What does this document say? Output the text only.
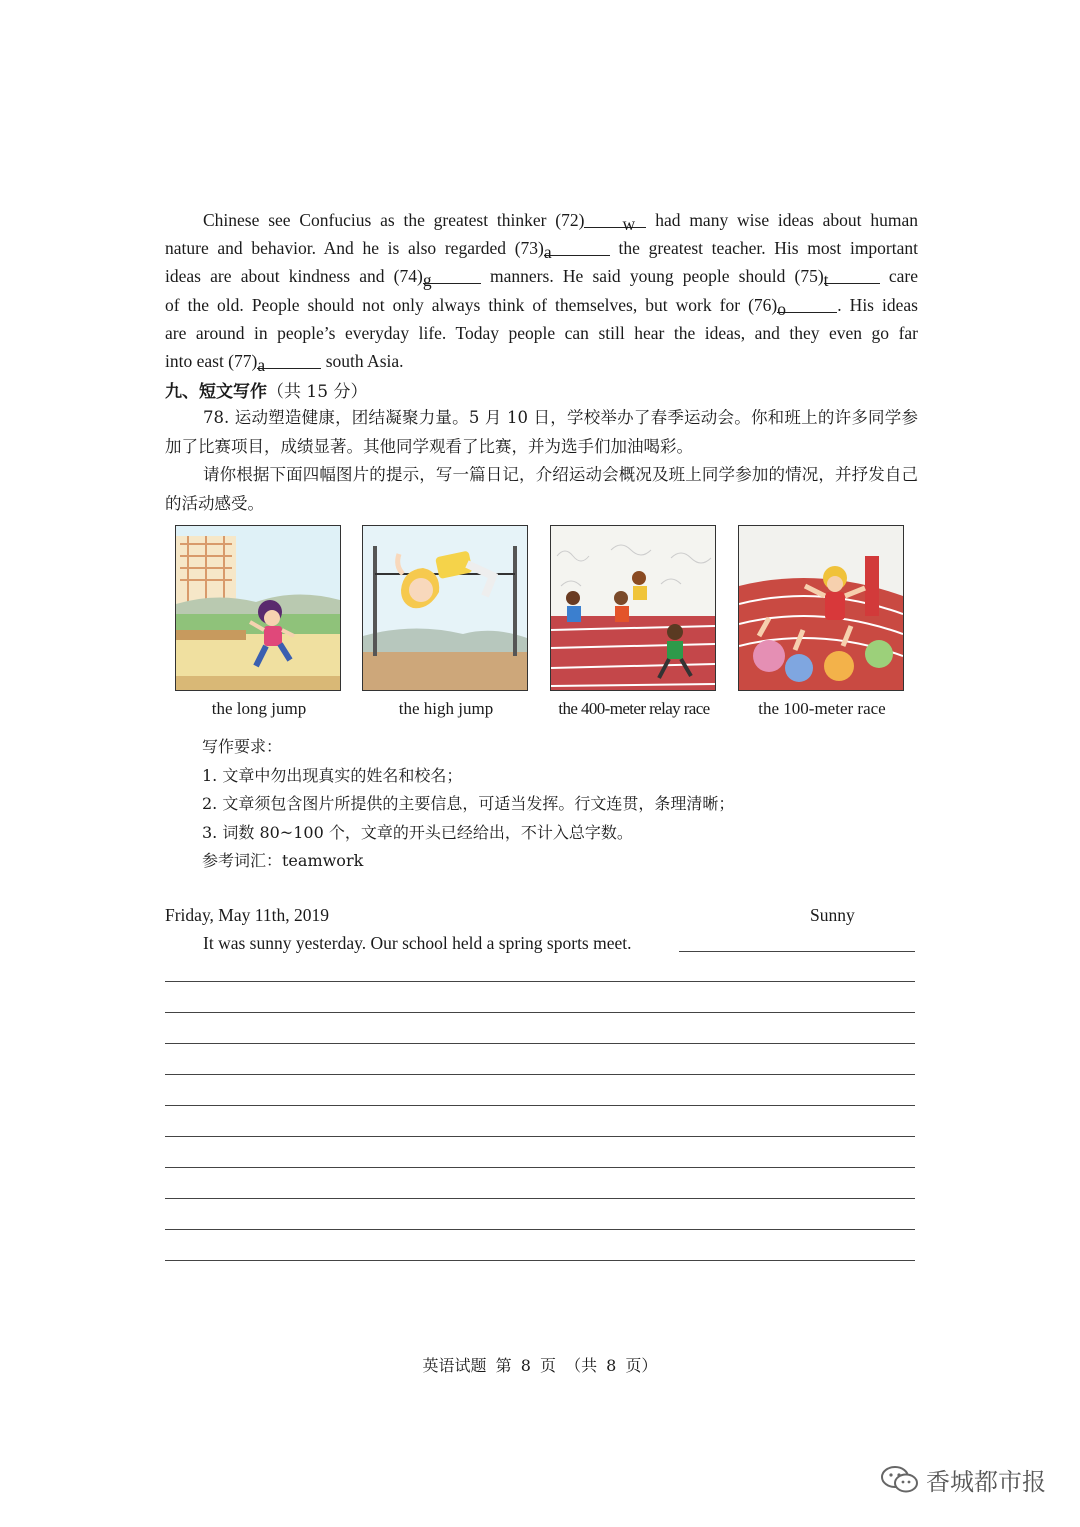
Chinese see Confucius as the greatest thinker (72) w had many wise ideas about human
nature and behavior. And he is also regarded (73)a	the greatest teacher. His most important
ideas are about kindness and (74)g	manners. He said young people should (75)t	care
of the old. People should not only always think of themselves, but work for (76)o	. His ideas
are around in people’s everyday life. Today people can still hear the ideas, and they even go far
into east (77)a	south Asia.
九、短文写作（共 15 分）
78. 运动塑造健康，团结凝聚力量。5 月 10 日，学校举办了春季运动会。你和班上的许多同学参加了比赛项目，成绩显著。其他同学观看了比赛，并为选手们加油喝彩。
请你根据下面四幅图片的提示，写一篇日记，介绍运动会概况及班上同学参加的情况，并抒发自己的活动感受。
the long jump	the high jump	the 400-meter relay race	the 100-meter race
写作要求：
1. 文章中勿出现真实的姓名和校名；
2. 文章须包含图片所提供的主要信息，可适当发挥。行文连贯，条理清晰；
3. 词数 80~100 个，文章的开头已经给出，不计入总字数。
参考词汇：teamwork
Friday, May 11th, 2019	Sunny
It was sunny yesterday. Our school held a spring sports meet.
英语试题 第 8 页 （共 8 页）
香城都市报
